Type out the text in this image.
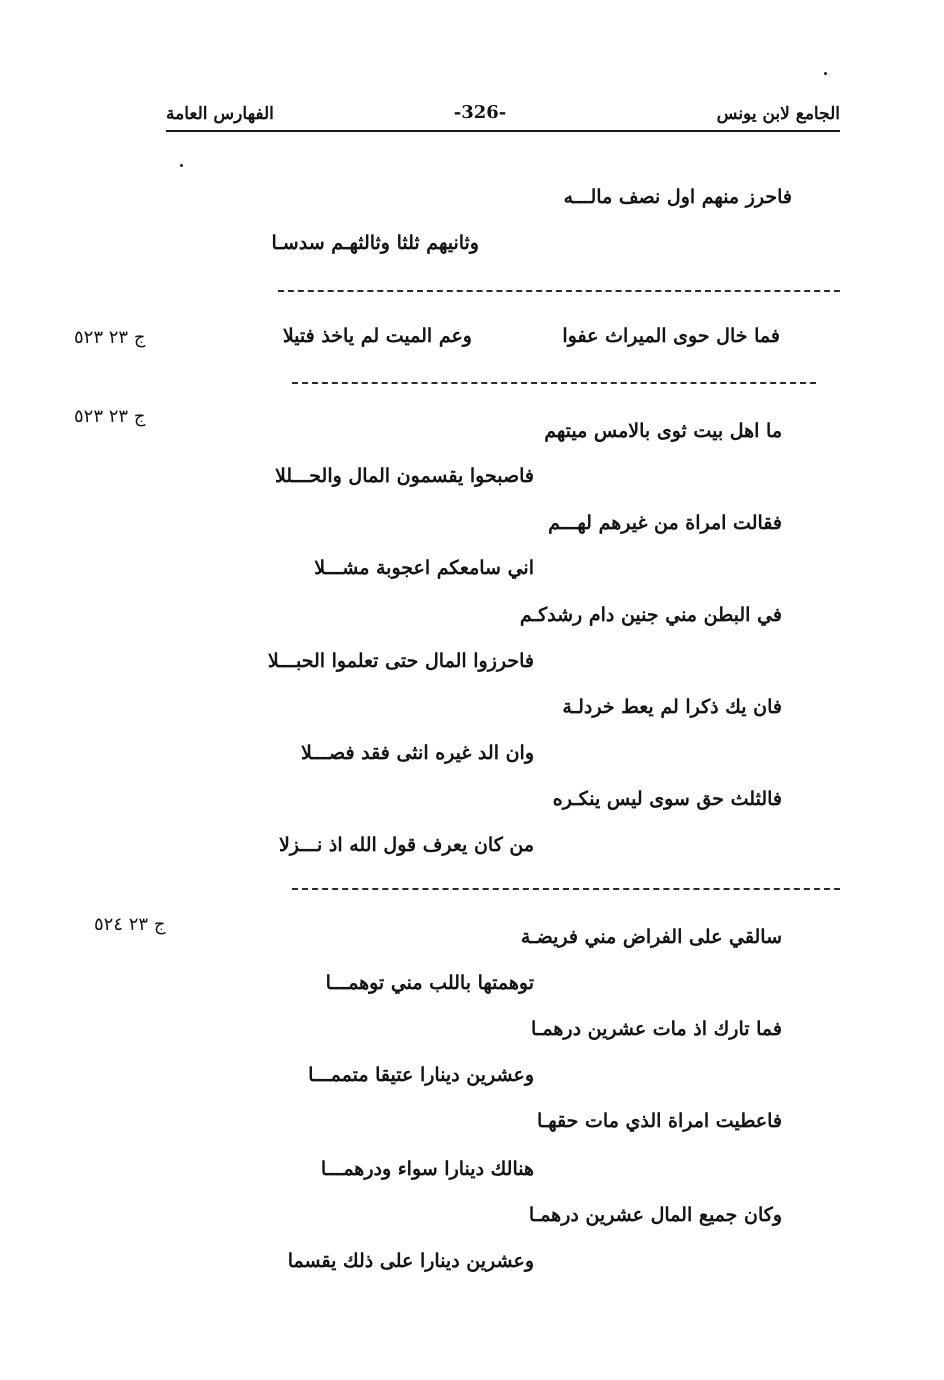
الجامع لابن يونس
-326-
الفهارس العامة
فاحرز منهم اول نصف مالـــه
وثانيهم ثلثا وثالثهـم سدسـا
فما خال حوى الميراث عفوا
وعم الميت لم ياخذ فتيلا
ج ٢٣ ٥٢٣
ج ٢٣ ٥٢٣
ما اهل بيت ثوى بالامس ميتهم
فاصبحوا يقسمون المال والحـــللا
فقالت امراة من غيرهم لهـــم
اني سامعكم اعجوبة مشـــلا
في البطن مني جنين دام رشدكـم
فاحرزوا المال حتى تعلموا الحبـــلا
فان يك ذكرا لم يعط خردلـة
وان الد غيره انثى فقد فصـــلا
فالثلث حق سوى ليس ينكـره
من كان يعرف قول الله اذ نـــزلا
ج ٢٣ ٥٢٤
سالقي على الفراض مني فريضـة
توهمتها باللب مني توهمـــا
فما تارك اذ مات عشرين درهمـا
وعشرين دينارا عتيقا متممـــا
فاعطيت امراة الذي مات حقهـا
هنالك دينارا سواء ودرهمـــا
وكان جميع المال عشرين درهمـا
وعشرين دينارا على ذلك يقسما
